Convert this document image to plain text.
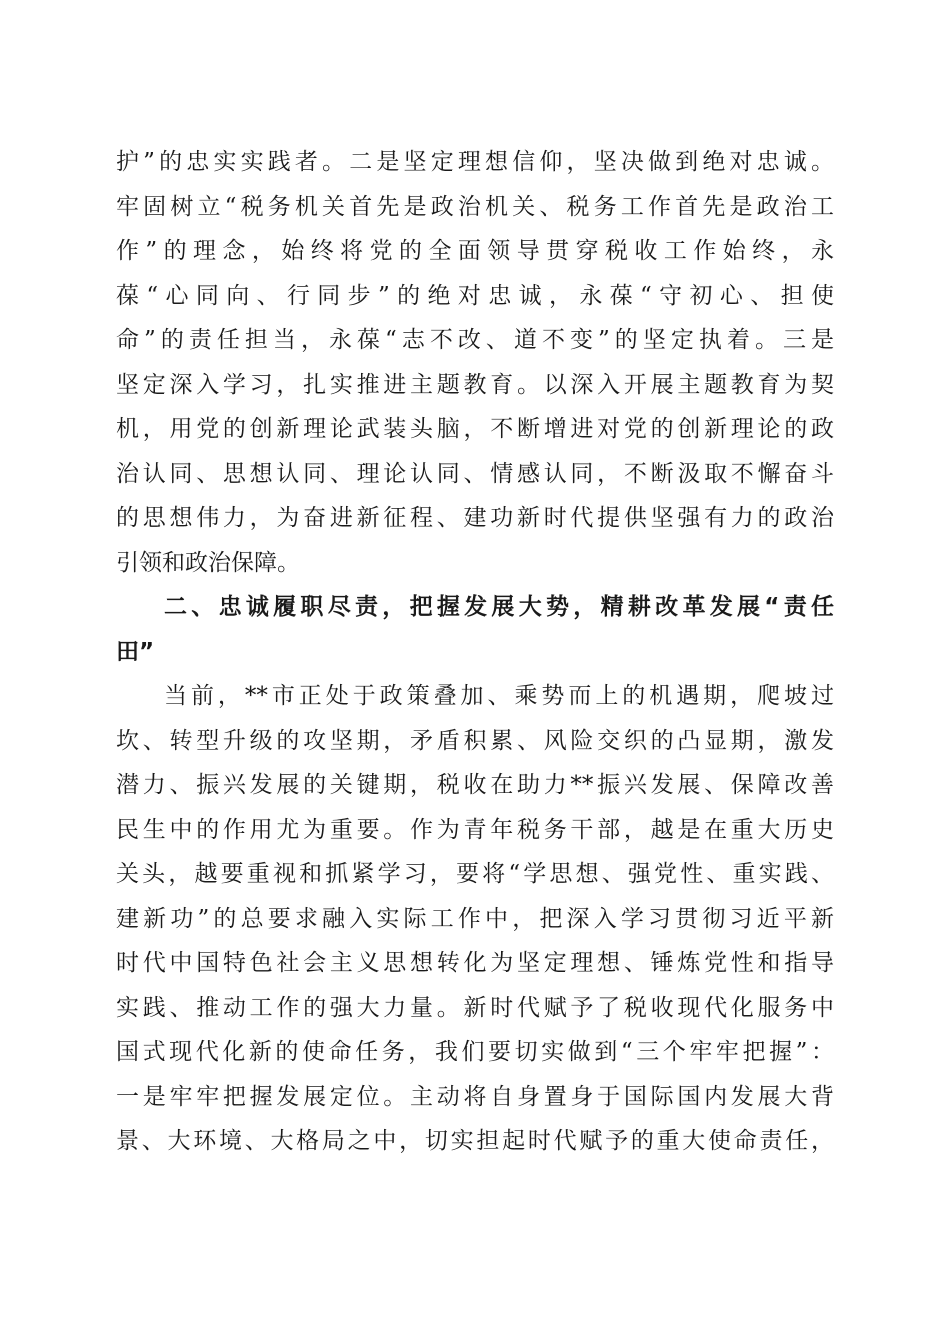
护”的忠实实践者。二是坚定理想信仰，坚决做到绝对忠诚。
牢固树立“税务机关首先是政治机关、税务工作首先是政治工
作”的理念，始终将党的全面领导贯穿税收工作始终，永
葆“心同向、行同步”的绝对忠诚，永葆“守初心、担使
命”的责任担当，永葆“志不改、道不变”的坚定执着。三是
坚定深入学习，扎实推进主题教育。以深入开展主题教育为契
机，用党的创新理论武装头脑，不断增进对党的创新理论的政
治认同、思想认同、理论认同、情感认同，不断汲取不懈奋斗
的思想伟力，为奋进新征程、建功新时代提供坚强有力的政治
引领和政治保障。
二、忠诚履职尽责，把握发展大势，精耕改革发展“责任
田”
当前，**市正处于政策叠加、乘势而上的机遇期，爬坡过
坎、转型升级的攻坚期，矛盾积累、风险交织的凸显期，激发
潜力、振兴发展的关键期，税收在助力**振兴发展、保障改善
民生中的作用尤为重要。作为青年税务干部，越是在重大历史
关头，越要重视和抓紧学习，要将“学思想、强党性、重实践、
建新功”的总要求融入实际工作中，把深入学习贯彻习近平新
时代中国特色社会主义思想转化为坚定理想、锤炼党性和指导
实践、推动工作的强大力量。新时代赋予了税收现代化服务中
国式现代化新的使命任务，我们要切实做到“三个牢牢把握”：
一是牢牢把握发展定位。主动将自身置身于国际国内发展大背
景、大环境、大格局之中，切实担起时代赋予的重大使命责任，
